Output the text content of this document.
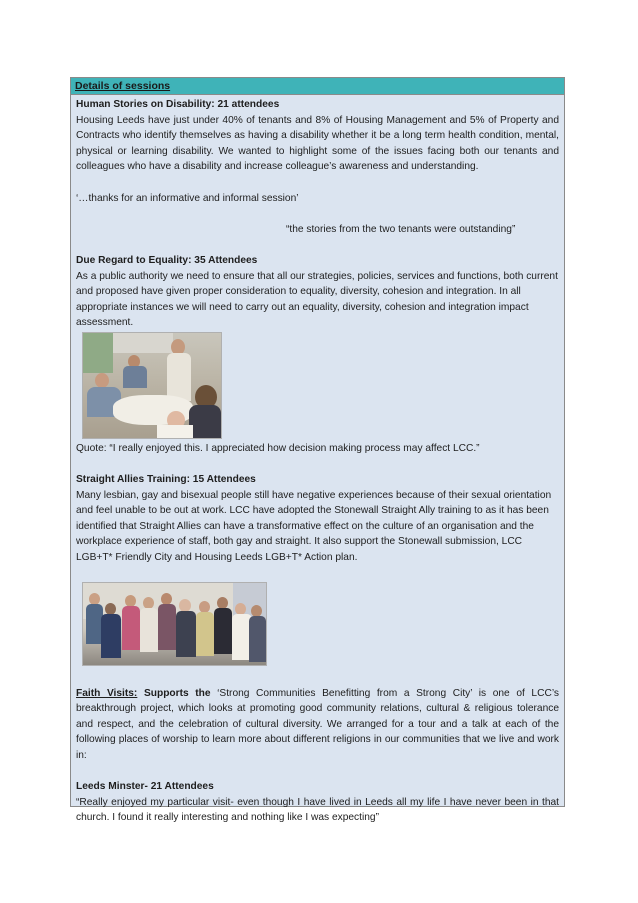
Details of sessions

Human Stories on Disability: 21 attendees

Housing Leeds have just under 40% of tenants and 8% of Housing Management and 5% of Property and Contracts who identify themselves as having a disability whether it be a long term health condition, mental, physical or learning disability. We wanted to highlight some of the issues facing both our tenants and colleagues who have a disability and increase colleague’s awareness and understanding.

‘…thanks for an informative and informal session’

“the stories from the two tenants were outstanding”

Due Regard to Equality: 35 Attendees

As a public authority we need to ensure that all our strategies, policies, services and functions, both current and proposed have given proper consideration to equality, diversity, cohesion and integration. In all appropriate instances we will need to carry out an equality, diversity, cohesion and integration impact assessment.

Quote: “I really enjoyed this. I appreciated how decision making process may affect LCC.”

Straight Allies Training: 15 Attendees

Many lesbian, gay and bisexual people still have negative experiences because of their sexual orientation and feel unable to be out at work. LCC have adopted the Stonewall Straight Ally training to as it has been identified that Straight Allies can have a transformative effect on the culture of an organisation and the workplace experience of staff, both gay and straight. It also support the Stonewall submission, LCC LGB+T* Friendly City and Housing Leeds LGB+T* Action plan.

Faith Visits: Supports the ‘Strong Communities Benefitting from a Strong City’ is one of LCC’s breakthrough project, which looks at promoting good community relations, cultural & religious tolerance and respect, and the celebration of cultural diversity. We arranged for a tour and a talk at each of the following places of worship to learn more about different religions in our communities that we live and work in:

Leeds Minster- 21 Attendees

“Really enjoyed my particular visit- even though I have lived in Leeds all my life I have never been in that church. I found it really interesting and nothing like I was expecting”
